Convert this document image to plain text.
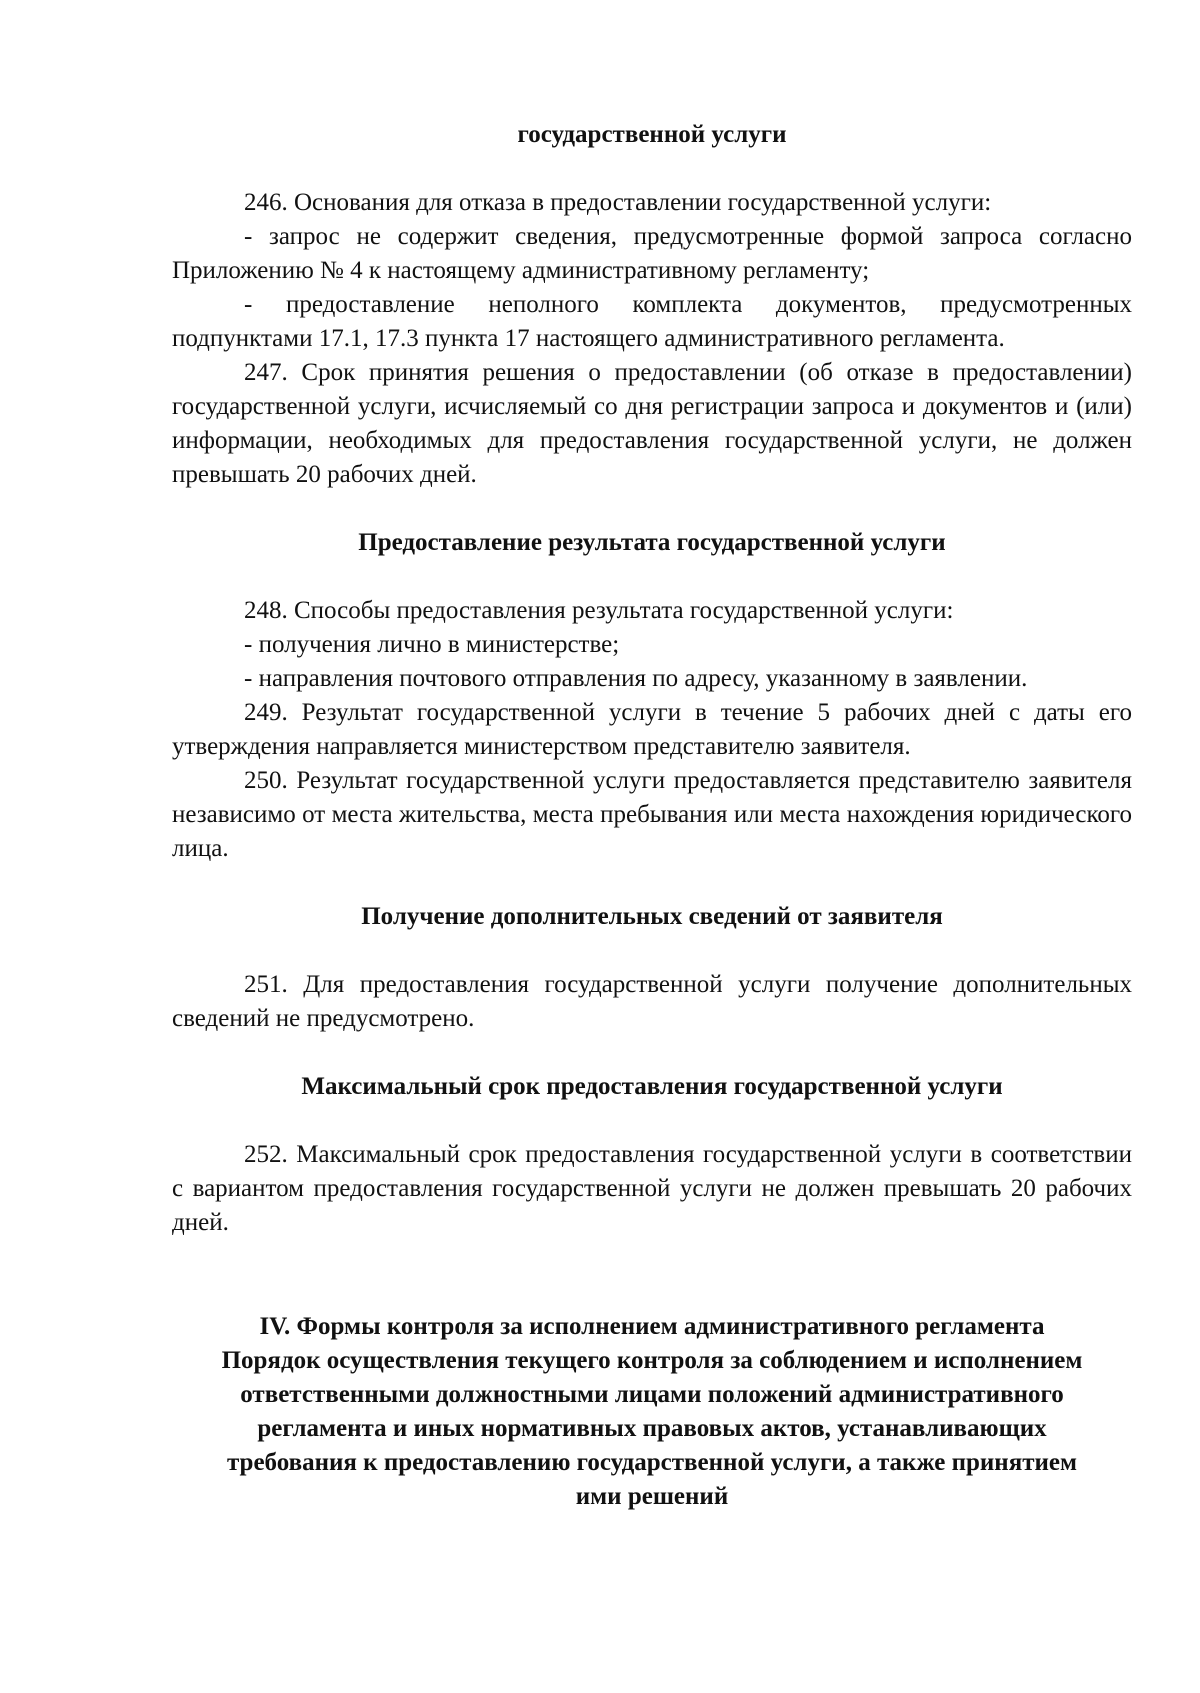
государственной услуги

246. Основания для отказа в предоставлении государственной услуги:

- запрос не содержит сведения, предусмотренные формой запроса согласно Приложению № 4 к настоящему административному регламенту;

- предоставление неполного комплекта документов, предусмотренных подпунктами 17.1, 17.3 пункта 17 настоящего административного регламента.

247. Срок принятия решения о предоставлении (об отказе в предоставлении) государственной услуги, исчисляемый со дня регистрации запроса и документов и (или) информации, необходимых для предоставления государственной услуги, не должен превышать 20 рабочих дней.

Предоставление результата государственной услуги

248. Способы предоставления результата государственной услуги:

- получения лично в министерстве;

- направления почтового отправления по адресу, указанному в заявлении.

249. Результат государственной услуги в течение 5 рабочих дней с даты его утверждения направляется министерством представителю заявителя.

250. Результат государственной услуги предоставляется представителю заявителя независимо от места жительства, места пребывания или места нахождения юридического лица.

Получение дополнительных сведений от заявителя

251. Для предоставления государственной услуги получение дополнительных сведений не предусмотрено.

Максимальный срок предоставления государственной услуги

252. Максимальный срок предоставления государственной услуги в соответствии с вариантом предоставления государственной услуги не должен превышать 20 рабочих дней.

IV. Формы контроля за исполнением административного регламента
Порядок осуществления текущего контроля за соблюдением и исполнением
ответственными должностными лицами положений административного
регламента и иных нормативных правовых актов, устанавливающих
требования к предоставлению государственной услуги, а также принятием
ими решений
